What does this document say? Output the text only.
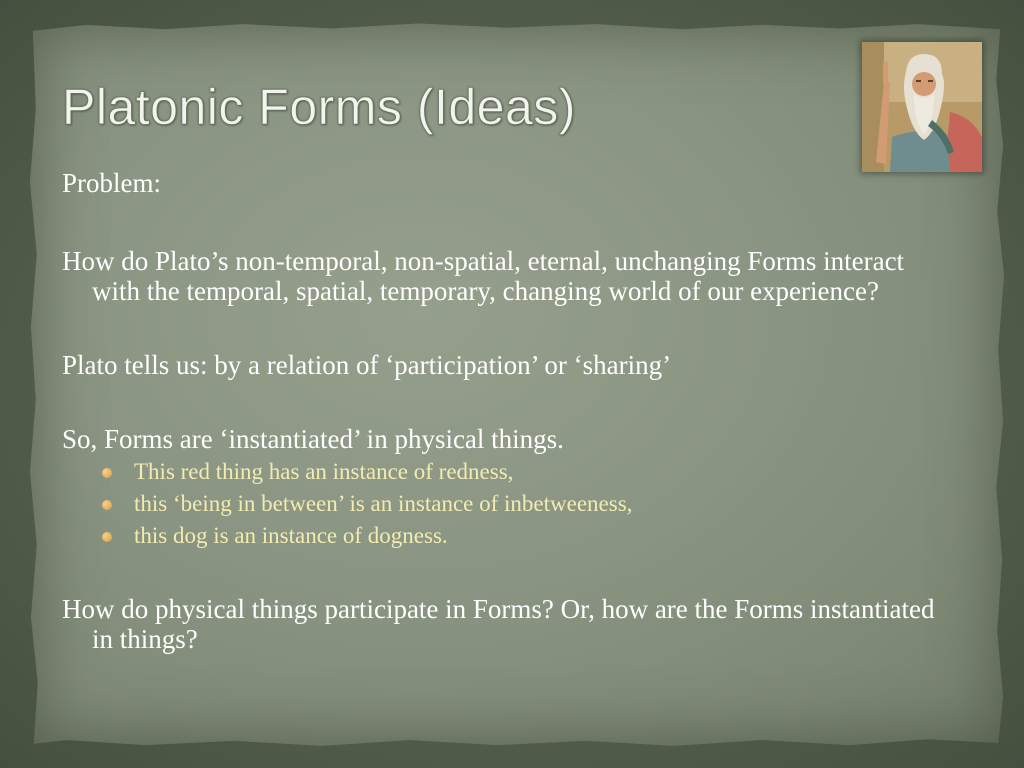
Platonic Forms (Ideas)

Problem:

How do Plato’s non-temporal, non-spatial, eternal, unchanging Forms interact with the temporal, spatial, temporary, changing world of our experience?

Plato tells us: by a relation of ‘participation’ or ‘sharing’

So, Forms are ‘instantiated’ in physical things.

This red thing has an instance of redness,
this ‘being in between’ is an instance of inbetweeness,
this dog is an instance of dogness.

How do physical things participate in Forms? Or, how are the Forms instantiated in things?
